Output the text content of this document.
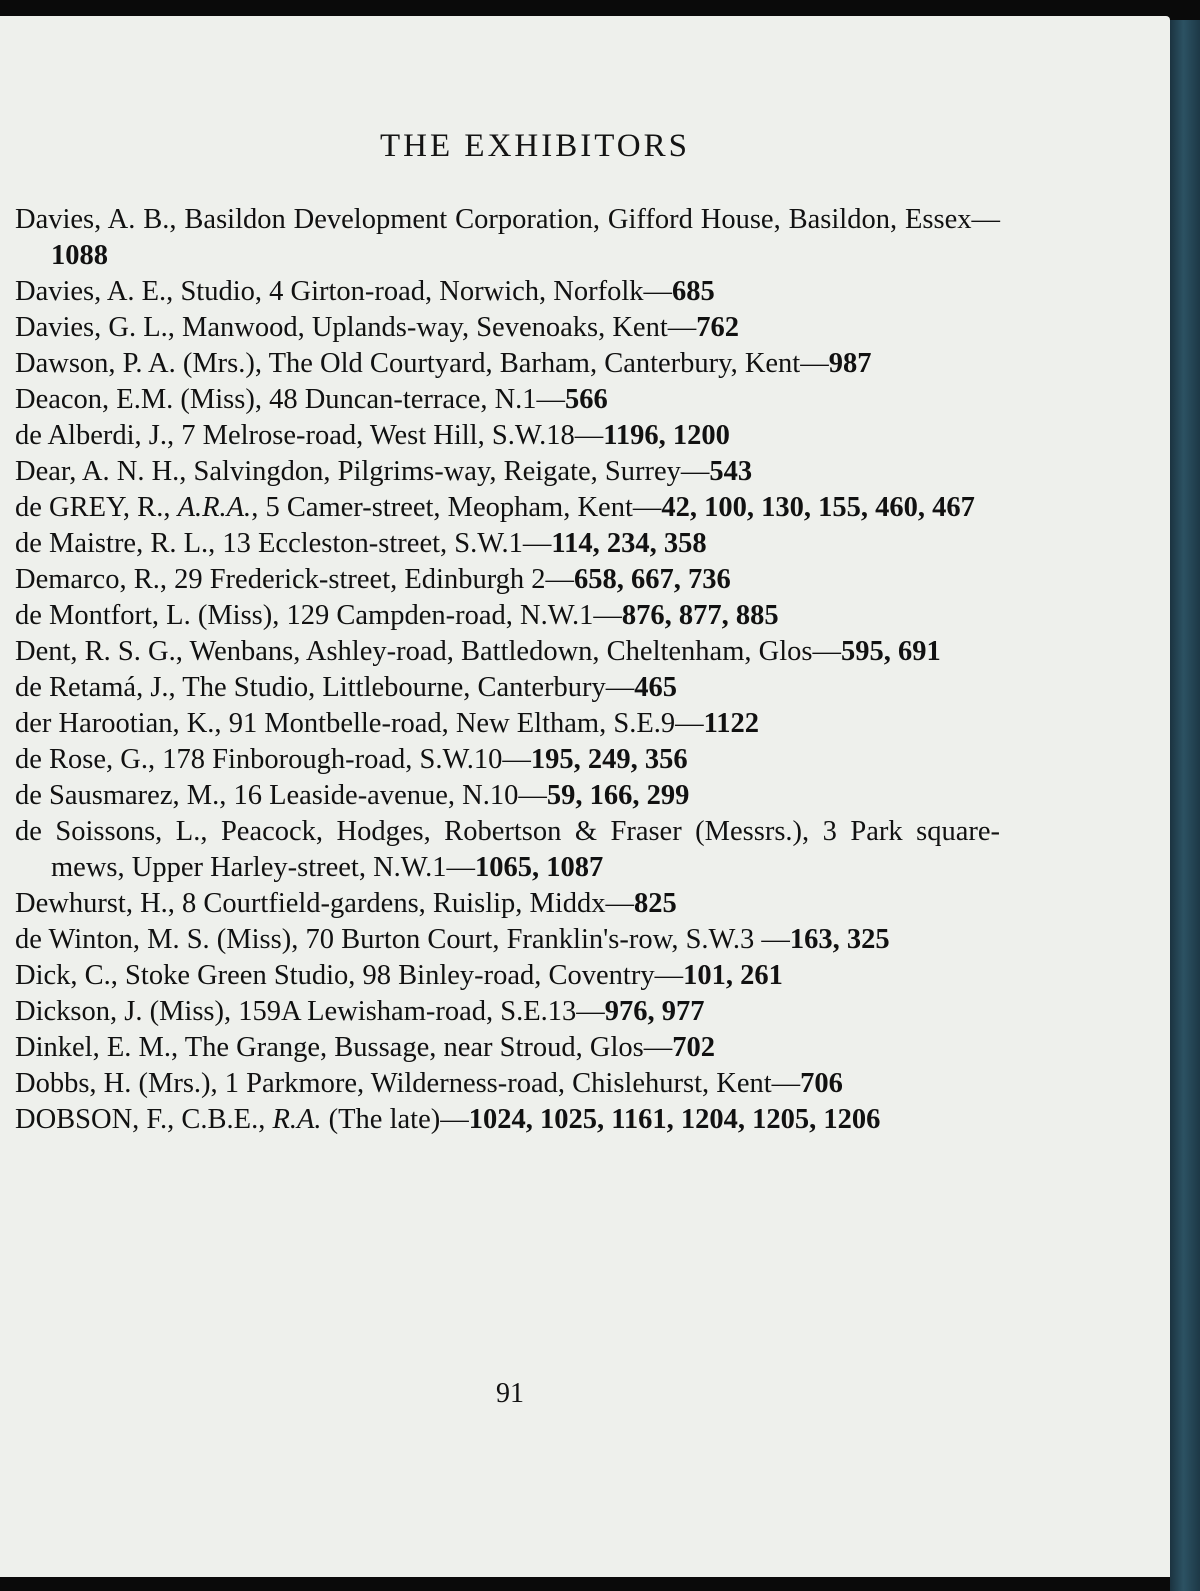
THE EXHIBITORS
Davies, A. B., Basildon Development Corporation, Gifford House, Basildon, Essex—1088
Davies, A. E., Studio, 4 Girton-road, Norwich, Norfolk—685
Davies, G. L., Manwood, Uplands-way, Sevenoaks, Kent—762
Dawson, P. A. (Mrs.), The Old Courtyard, Barham, Canterbury, Kent—987
Deacon, E.M. (Miss), 48 Duncan-terrace, N.1—566
de Alberdi, J., 7 Melrose-road, West Hill, S.W.18—1196, 1200
Dear, A. N. H., Salvingdon, Pilgrims-way, Reigate, Surrey—543
de GREY, R., A.R.A., 5 Camer-street, Meopham, Kent—42, 100, 130, 155, 460, 467
de Maistre, R. L., 13 Eccleston-street, S.W.1—114, 234, 358
Demarco, R., 29 Frederick-street, Edinburgh 2—658, 667, 736
de Montfort, L. (Miss), 129 Campden-road, N.W.1—876, 877, 885
Dent, R. S. G., Wenbans, Ashley-road, Battledown, Cheltenham, Glos—595, 691
de Retamá, J., The Studio, Littlebourne, Canterbury—465
der Harootian, K., 91 Montbelle-road, New Eltham, S.E.9—1122
de Rose, G., 178 Finborough-road, S.W.10—195, 249, 356
de Sausmarez, M., 16 Leaside-avenue, N.10—59, 166, 299
de Soissons, L., Peacock, Hodges, Robertson & Fraser (Messrs.), 3 Park square-mews, Upper Harley-street, N.W.1—1065, 1087
Dewhurst, H., 8 Courtfield-gardens, Ruislip, Middx—825
de Winton, M. S. (Miss), 70 Burton Court, Franklin's-row, S.W.3 —163, 325
Dick, C., Stoke Green Studio, 98 Binley-road, Coventry—101, 261
Dickson, J. (Miss), 159A Lewisham-road, S.E.13—976, 977
Dinkel, E. M., The Grange, Bussage, near Stroud, Glos—702
Dobbs, H. (Mrs.), 1 Parkmore, Wilderness-road, Chislehurst, Kent—706
DOBSON, F., C.B.E., R.A. (The late)—1024, 1025, 1161, 1204, 1205, 1206
91
